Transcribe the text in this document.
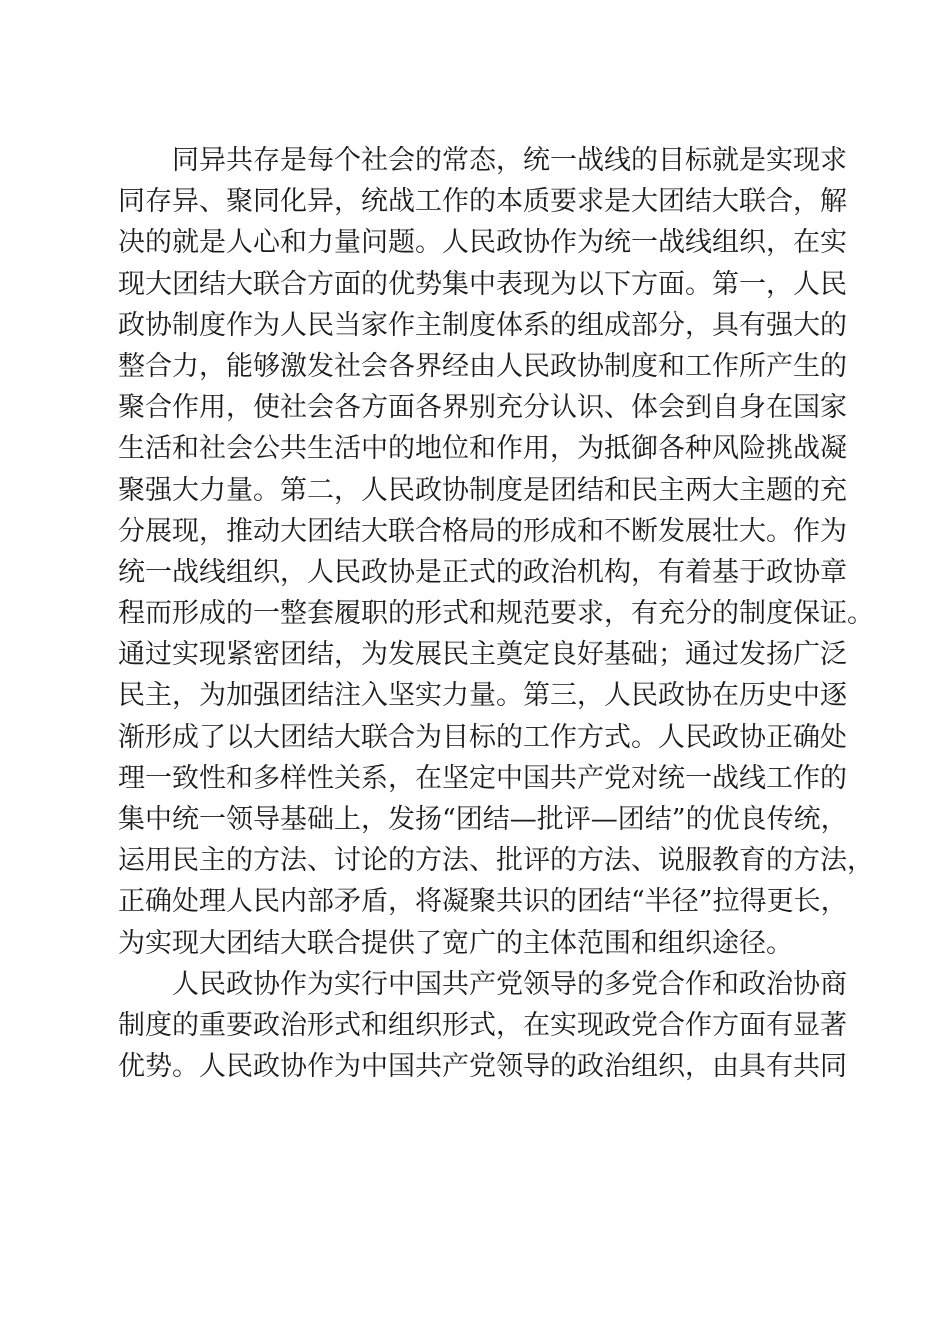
同异共存是每个社会的常态，统一战线的目标就是实现求
同存异、聚同化异，统战工作的本质要求是大团结大联合，解
决的就是人心和力量问题。人民政协作为统一战线组织，在实
现大团结大联合方面的优势集中表现为以下方面。第一，人民
政协制度作为人民当家作主制度体系的组成部分，具有强大的
整合力，能够激发社会各界经由人民政协制度和工作所产生的
聚合作用，使社会各方面各界别充分认识、体会到自身在国家
生活和社会公共生活中的地位和作用，为抵御各种风险挑战凝
聚强大力量。第二，人民政协制度是团结和民主两大主题的充
分展现，推动大团结大联合格局的形成和不断发展壮大。作为
统一战线组织，人民政协是正式的政治机构，有着基于政协章
程而形成的一整套履职的形式和规范要求，有充分的制度保证。
通过实现紧密团结，为发展民主奠定良好基础；通过发扬广泛
民主，为加强团结注入坚实力量。第三，人民政协在历史中逐
渐形成了以大团结大联合为目标的工作方式。人民政协正确处
理一致性和多样性关系，在坚定中国共产党对统一战线工作的
集中统一领导基础上，发扬“团结—批评—团结”的优良传统，
运用民主的方法、讨论的方法、批评的方法、说服教育的方法，
正确处理人民内部矛盾，将凝聚共识的团结“半径”拉得更长，
为实现大团结大联合提供了宽广的主体范围和组织途径。
人民政协作为实行中国共产党领导的多党合作和政治协商
制度的重要政治形式和组织形式，在实现政党合作方面有显著
优势。人民政协作为中国共产党领导的政治组织，由具有共同
